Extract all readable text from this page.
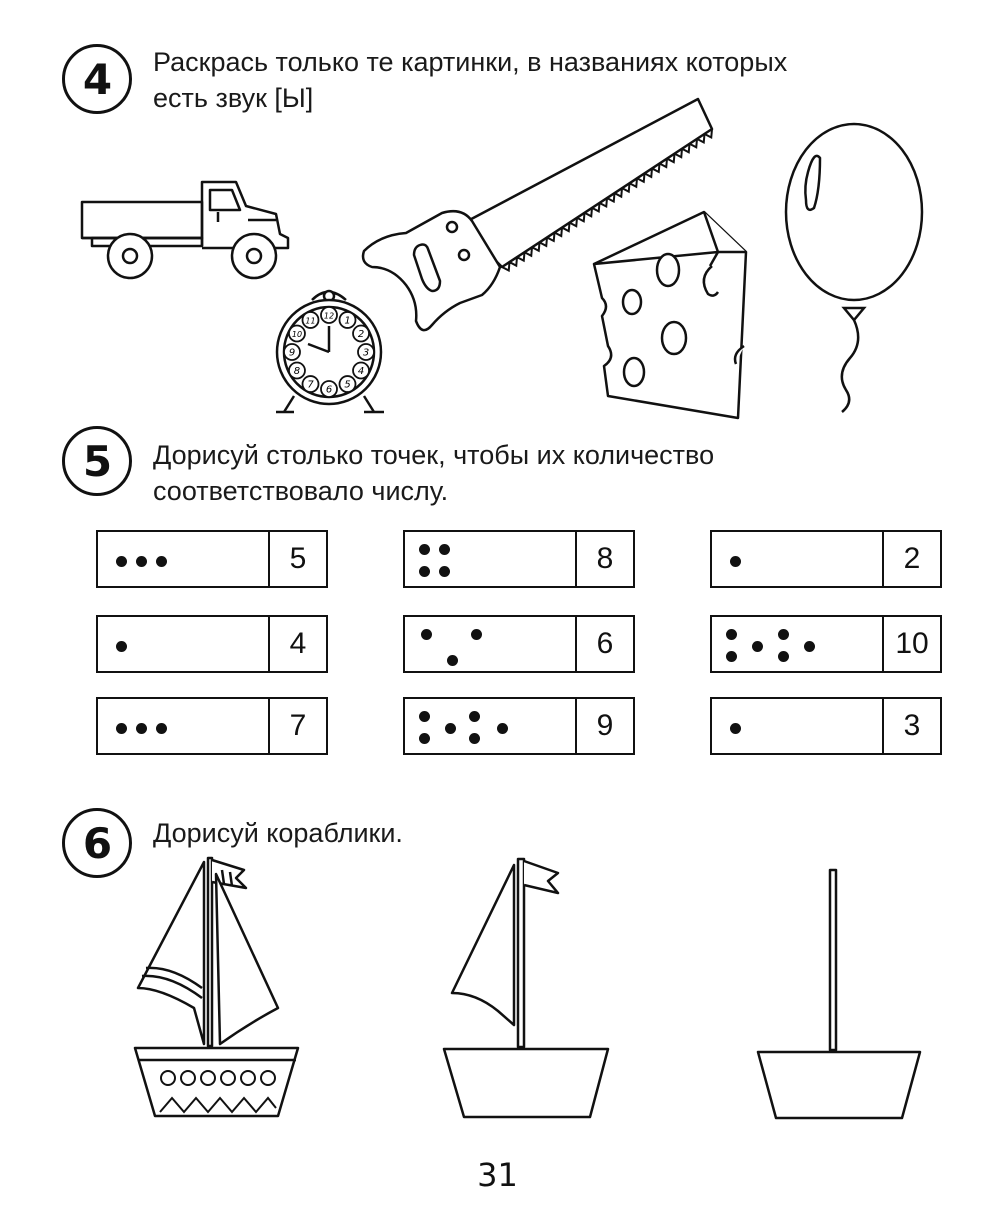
4	Раскрась только те картинки, в названиях которых
есть звук [Ы]
12 1
2
3
4
5
6
7
8
9
10
11
5	Дорисуй столько точек, чтобы их количество
соответствовало числу.
5	8	2
4	6	10
7	9	3
6	Дорисуй кораблики.
31
